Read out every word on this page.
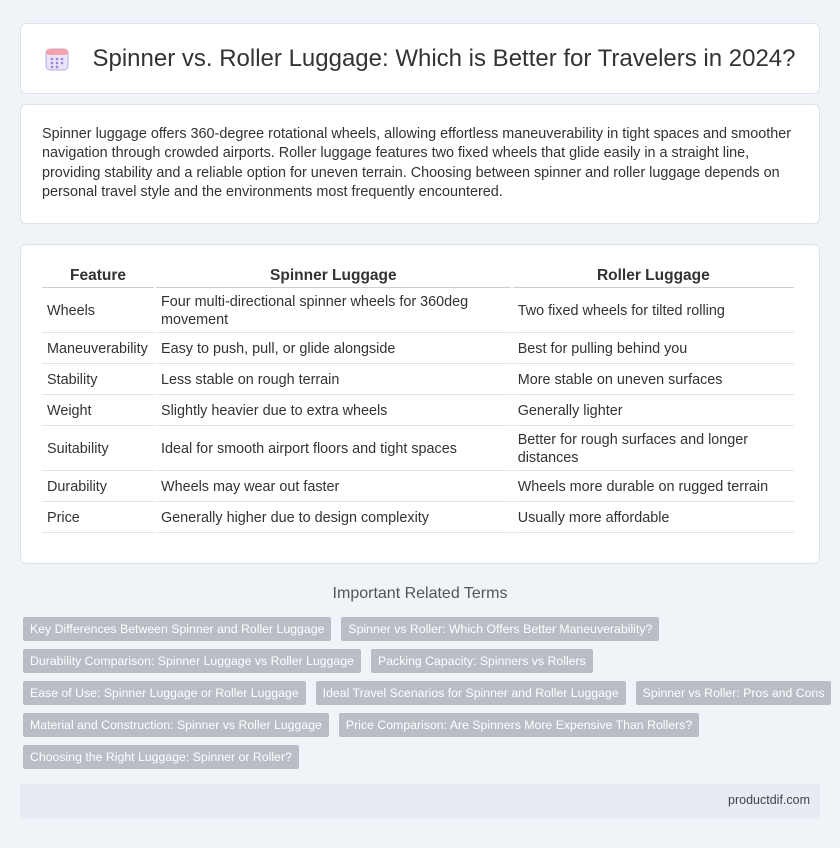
Spinner vs. Roller Luggage: Which is Better for Travelers in 2024?

Spinner luggage offers 360-degree rotational wheels, allowing effortless maneuverability in tight spaces and smoother navigation through crowded airports. Roller luggage features two fixed wheels that glide easily in a straight line, providing stability and a reliable option for uneven terrain. Choosing between spinner and roller luggage depends on personal travel style and the environments most frequently encountered.

Feature	Spinner Luggage	Roller Luggage
Wheels	Four multi-directional spinner wheels for 360deg movement	Two fixed wheels for tilted rolling
Maneuverability	Easy to push, pull, or glide alongside	Best for pulling behind you
Stability	Less stable on rough terrain	More stable on uneven surfaces
Weight	Slightly heavier due to extra wheels	Generally lighter
Suitability	Ideal for smooth airport floors and tight spaces	Better for rough surfaces and longer distances
Durability	Wheels may wear out faster	Wheels more durable on rugged terrain
Price	Generally higher due to design complexity	Usually more affordable
Important Related Terms
Key Differences Between Spinner and Roller Luggage	Spinner vs Roller: Which Offers Better Maneuverability?
Durability Comparison: Spinner Luggage vs Roller Luggage	Packing Capacity: Spinners vs Rollers
Ease of Use: Spinner Luggage or Roller Luggage	Ideal Travel Scenarios for Spinner and Roller Luggage	Spinner vs Roller: Pros and Cons
Material and Construction: Spinner vs Roller Luggage	Price Comparison: Are Spinners More Expensive Than Rollers?
Choosing the Right Luggage: Spinner or Roller?
productdif.com
